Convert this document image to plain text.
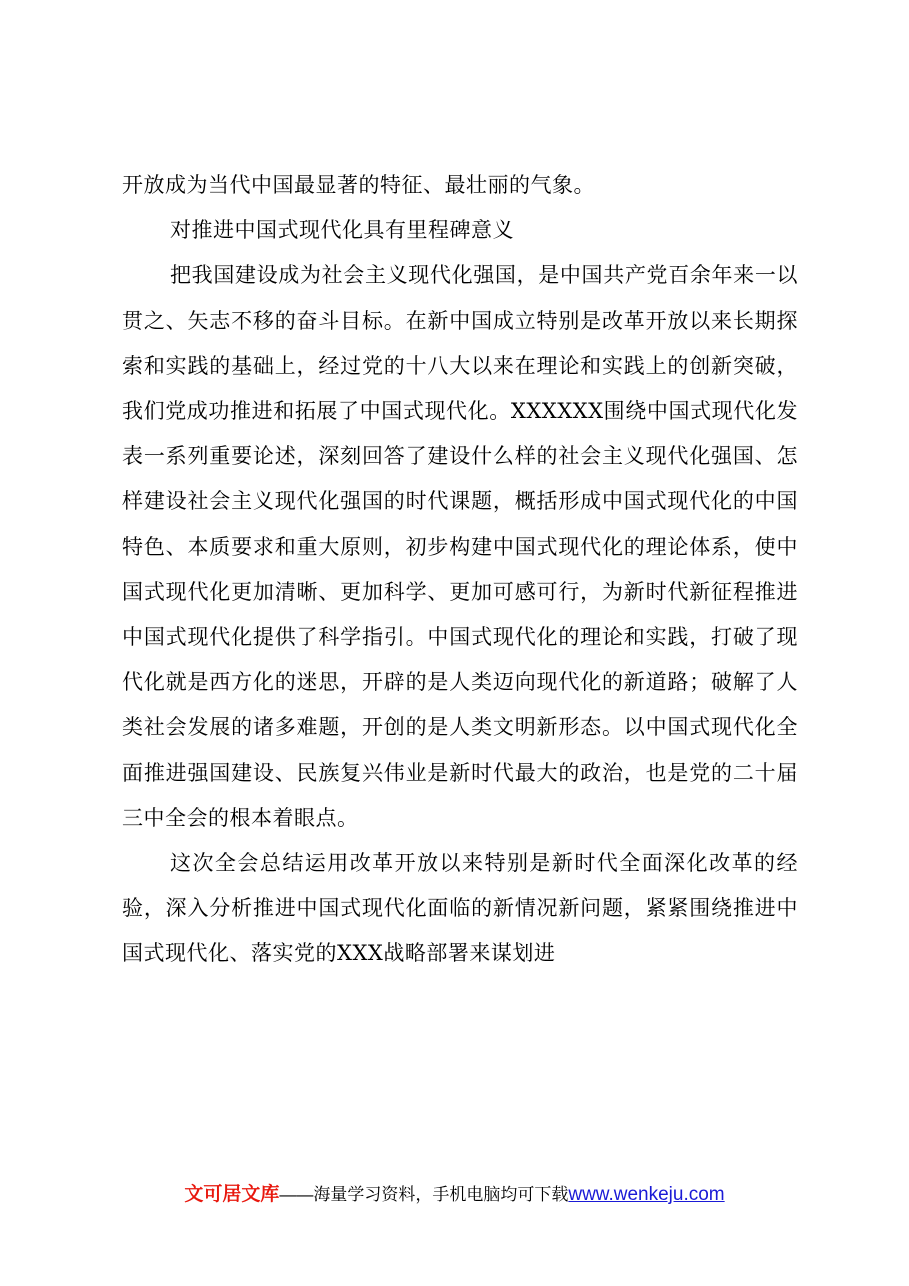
开放成为当代中国最显著的特征、最壮丽的气象。

对推进中国式现代化具有里程碑意义

把我国建设成为社会主义现代化强国，是中国共产党百余年来一以贯之、矢志不移的奋斗目标。在新中国成立特别是改革开放以来长期探索和实践的基础上，经过党的十八大以来在理论和实践上的创新突破，我们党成功推进和拓展了中国式现代化。XXXXXX围绕中国式现代化发表一系列重要论述，深刻回答了建设什么样的社会主义现代化强国、怎样建设社会主义现代化强国的时代课题，概括形成中国式现代化的中国特色、本质要求和重大原则，初步构建中国式现代化的理论体系，使中国式现代化更加清晰、更加科学、更加可感可行，为新时代新征程推进中国式现代化提供了科学指引。中国式现代化的理论和实践，打破了现代化就是西方化的迷思，开辟的是人类迈向现代化的新道路；破解了人类社会发展的诸多难题，开创的是人类文明新形态。以中国式现代化全面推进强国建设、民族复兴伟业是新时代最大的政治，也是党的二十届三中全会的根本着眼点。

这次全会总结运用改革开放以来特别是新时代全面深化改革的经验，深入分析推进中国式现代化面临的新情况新问题，紧紧围绕推进中国式现代化、落实党的XXX战略部署来谋划进

文可居文库——海量学习资料，手机电脑均可下载www.wenkeju.com
